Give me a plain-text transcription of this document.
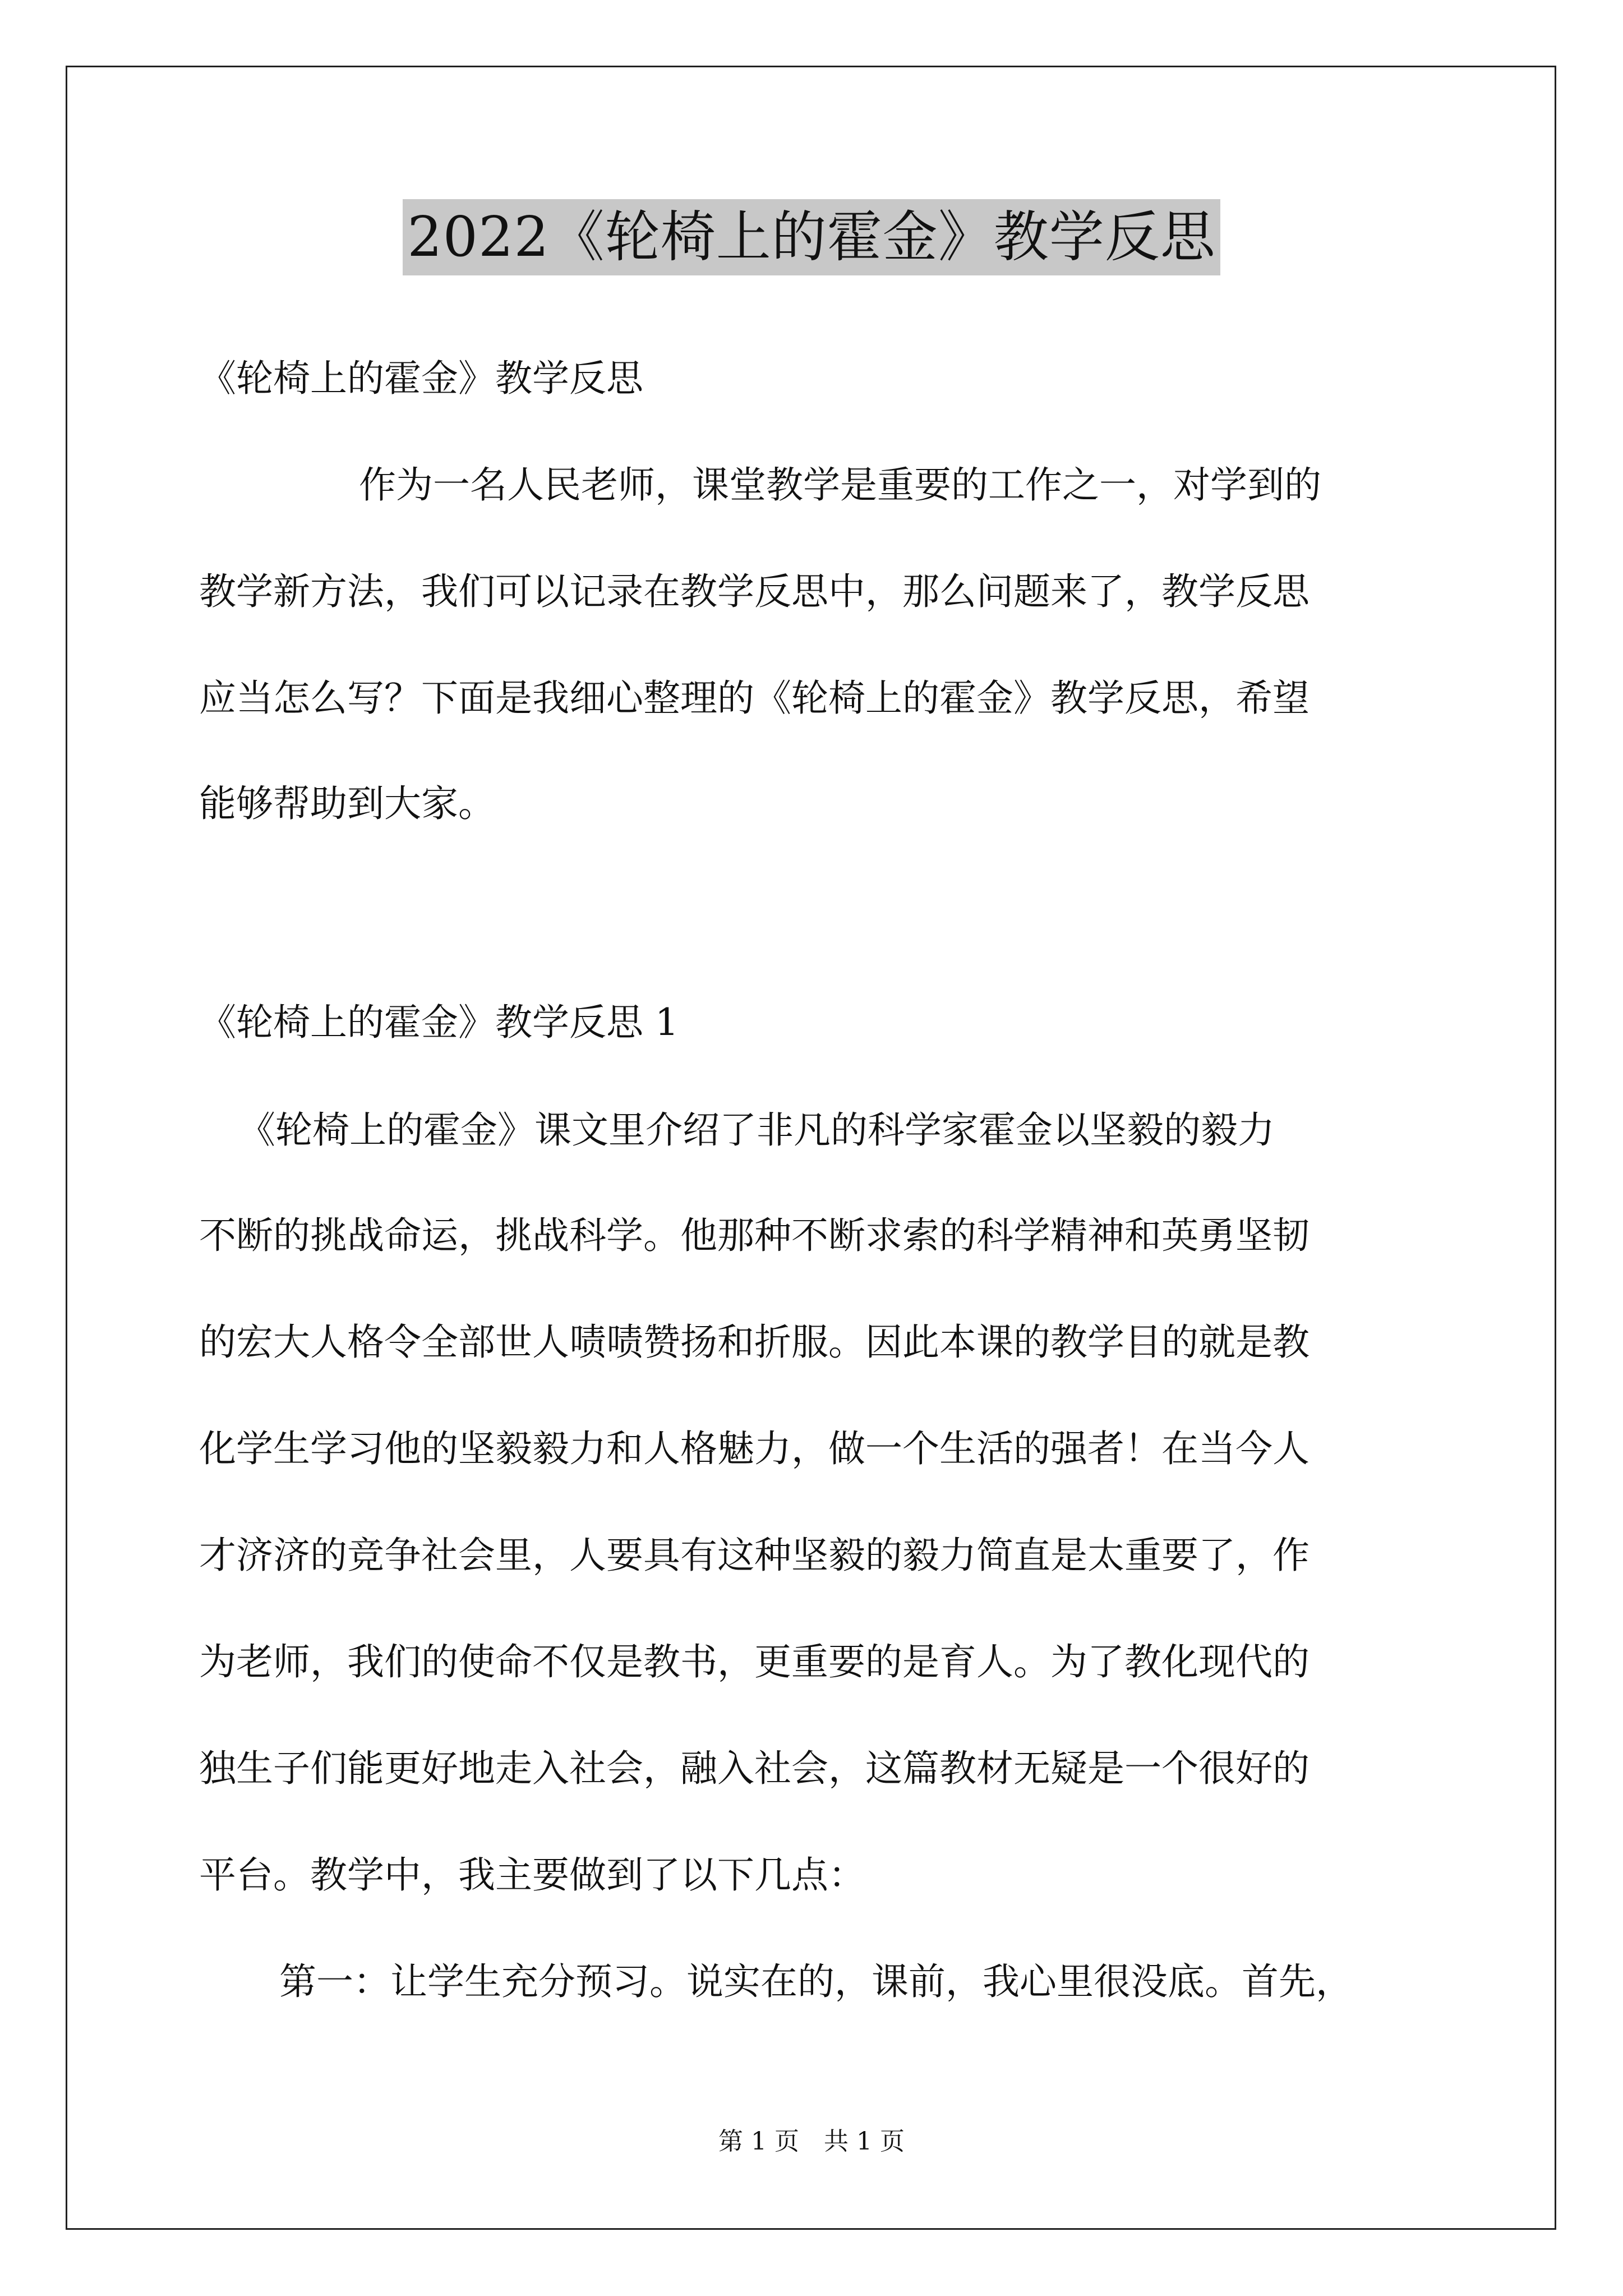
2022《轮椅上的霍金》教学反思
《轮椅上的霍金》教学反思
作为一名人民老师，课堂教学是重要的工作之一，对学到的
教学新方法，我们可以记录在教学反思中，那么问题来了，教学反思
应当怎么写？下面是我细心整理的《轮椅上的霍金》教学反思，希望
能够帮助到大家。
《轮椅上的霍金》教学反思 1
《轮椅上的霍金》课文里介绍了非凡的科学家霍金以坚毅的毅力
不断的挑战命运，挑战科学。他那种不断求索的科学精神和英勇坚韧
的宏大人格令全部世人啧啧赞扬和折服。因此本课的教学目的就是教
化学生学习他的坚毅毅力和人格魅力，做一个生活的强者！在当今人
才济济的竞争社会里，人要具有这种坚毅的毅力简直是太重要了，作
为老师，我们的使命不仅是教书，更重要的是育人。为了教化现代的
独生子们能更好地走入社会，融入社会，这篇教材无疑是一个很好的
平台。教学中，我主要做到了以下几点：
第一：让学生充分预习。说实在的，课前，我心里很没底。首先，
第 1 页　共 1 页
